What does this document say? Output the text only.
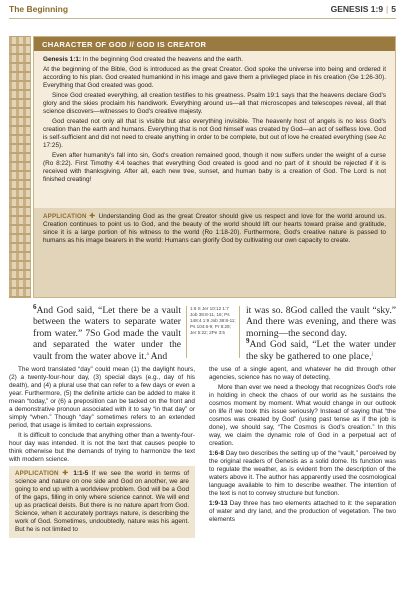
The Beginning	GENESIS 1:9 | 5
CHARACTER OF GOD // GOD IS CREATOR

Genesis 1:1: In the beginning God created the heavens and the earth.

At the beginning of the Bible, God is introduced as the great Creator. God spoke the universe into being and ordered it according to his plan. God created humankind in his image and gave them a privileged place in his creation (Ge 1:26-30). Everything that God created was good.

Since God created everything, all creation testifies to his greatness. Psalm 19:1 says that the heavens declare God's glory and the skies proclaim his handiwork. Everything around us—all that microscopes and telescopes reveal, all that science discovers—witnesses to God's creative majesty.

God created not only all that is visible but also everything invisible. The heavenly host of angels is no less God's creation than the earth and humans. Everything that is not God himself was created by God—an act of selfless love. God is self-sufficient and did not need to create anything in order to be complete, but out of love he created everything (see Ac 17:25).

Even after humanity's fall into sin, God's creation remained good, though it now suffers under the weight of a curse (Ro 8:22). First Timothy 4:4 teaches that everything God created is good and no part of it should be rejected if it is received with thanksgiving. After all, each new tree, sunset, and human baby is a creation of God. The Lord is not finished creating!

APPLICATION ✚ Understanding God as the great Creator should give us respect and love for the world around us. Creation continues to point us to God, and the beauty of the world should lift our hearts toward praise and gratitude, since it is a large portion of his witness to the world (Ro 1:18-20). Furthermore, God's creative nature is passed to humans as his image bearers in the world: Humans can glorify God by cultivating our own capacity to create.
$^6$And God said, “Let there be a vault between the waters to separate water from water.” 7So God made the vault and separated the water under the vault from the water above it.$^a$ And
1:6 S Jer 10:12 1:7 Job 38:8-11, 16; Ps 148:4 1:9 Job 38:8-11; Ps 104:6-9; Pr 8:29; Jer 5:22; 2Pe 3:5
it was so. 8God called the vault “sky.” And there was evening, and there was morning—the second day.
$^9$And God said, “Let the water under the sky be gathered to one place,$^j$

The word translated “day” could mean (1) the daylight hours, (2) a twenty-four-hour day, (3) special days (e.g., day of his death), and (4) a plural use that can refer to a few days or even a year. Furthermore, (5) the definite article can be added to make it mean “today,” or (6) a preposition can be tacked on the front and a demonstrative pronoun associated with it to say “in that day” or simply “when.” Though “day” sometimes refers to an extended period, that usage is limited to certain expressions.

It is difficult to conclude that anything other than a twenty-four-hour day was intended. It is not the text that causes people to think otherwise but the demands of trying to harmonize the text with modern science.

APPLICATION ✚ 1:1-5 If we see the world in terms of science and nature on one side and God on another, we are going to end up with a worldview problem. God will be a God of the gaps, filling in only where science cannot. We will end up as practical deists. But there is no nature apart from God. Science, when it accurately portrays nature, is describing the work of God. Sometimes, undoubtedly, nature was his agent. But he is not limited to

the use of a single agent, and whatever he did through other agencies, science has no way of detecting.

More than ever we need a theology that recognizes God's role in holding in check the chaos of our world as he sustains the cosmos moment by moment. What would change in our outlook on life if we took this issue seriously? Instead of saying that “the cosmos was created by God” (using past tense as if the job is done), we should say, “The Cosmos is God's creation.” In this way, we claim the dynamic role of God in a perpetual act of creation.

1:6-8 Day two describes the setting up of the “vault,” perceived by the original readers of Genesis as a solid dome. Its function was to regulate the weather, as is evident from the description of the waters above it. The author has apparently used the cosmological language available to him to describe weather. The intention of the text is not to convey structure but function.

1:9-13 Day three has two elements attached to it: the separation of water and dry land, and the production of vegetation. The two elements
